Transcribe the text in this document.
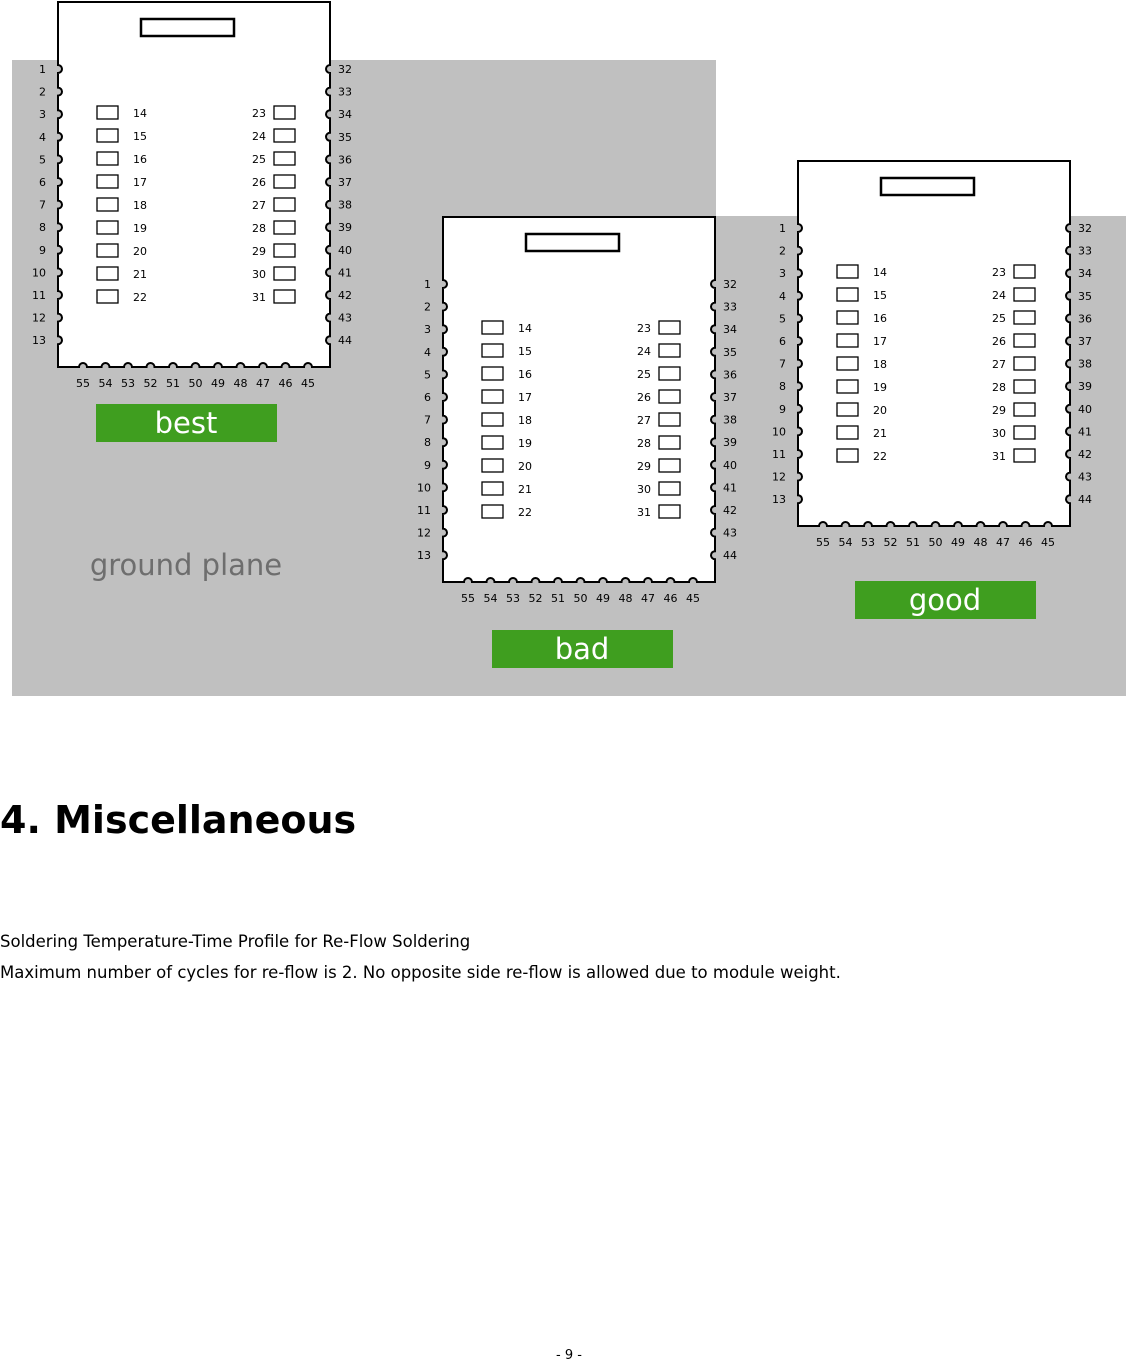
ground plane
1
2
3
4
5
6
7
8
9
10
11
12
13
32
33
34
35
36
37
38
39
40
41
42
43
44
55 54 53 52 51 50 49 48 47 46 45
14
15
16
17
18
19
20
21
22
23
24
25
26
27
28
29
30
31
1
2
3
4
5
6
7
8
9
10
11
12
13
32
33
34
35
36
37
38
39
40
41
42
43
44
55 54 53 52 51 50 49 48 47 46 45
14
15
16
17
18
19
20
21
22
23
24
25
26
27
28
29
30
31
1
2
3
4
5
6
7
8
9
10
11
12
13
32
33
34
35
36
37
38
39
40
41
42
43
44
55 54 53 52 51 50 49 48 47 46 45
14
15
16
17
18
19
20
21
22
23
24
25
26
27
28
29
30
31
best
bad
good
4. Miscellaneous

Soldering Temperature-Time Profile for Re-Flow Soldering

Maximum number of cycles for re-flow is 2. No opposite side re-flow is allowed due to module weight.

- 9 -
